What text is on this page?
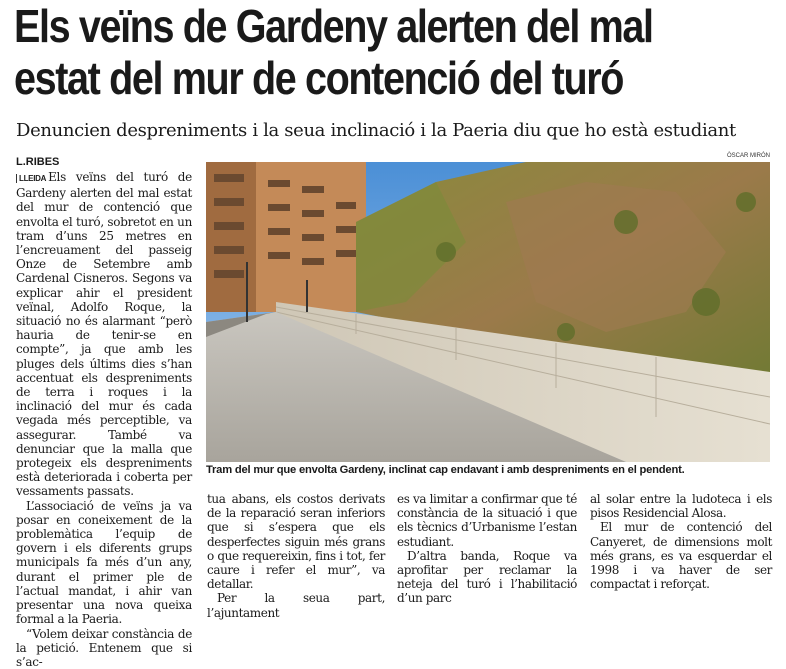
Els veïns de Gardeny alerten del mal
estat del mur de contenció del turó
Denuncien despreniments i la seua inclinació i la Paeria diu que ho està estudiant
L.RIBES

LLEIDA Els veïns del turó de Gardeny alerten del mal estat del mur de contenció que envolta el turó, sobretot en un tram d’uns 25 metres en l’encreuament del passeig Onze de Setembre amb Cardenal Cisneros. Segons va explicar ahir el president veïnal, Adolfo Roque, la situació no és alarmant “però hauria de tenir-se en compte”, ja que amb les pluges dels últims dies s’han accentuat els despreniments de terra i roques i la inclinació del mur és cada vegada més perceptible, va assegurar. També va denunciar que la malla que protegeix els despreniments està deteriorada i coberta per vessaments passats.

L’associació de veïns ja va posar en coneixement de la problemàtica l’equip de govern i els diferents grups municipals fa més d’un any, durant el primer ple de l’actual mandat, i ahir van presentar una nova queixa formal a la Paeria.

“Volem deixar constància de la petició. Entenem que si s’ac-

ÒSCAR MIRÓN
Tram del mur que envolta Gardeny, inclinat cap endavant i amb despreniments en el pendent.

tua abans, els costos derivats de la reparació seran inferiors que si s’espera que els desperfectes siguin més grans o que requereixin, fins i tot, fer caure i refer el mur”, va detallar.

Per la seua part, l’ajuntament

es va limitar a confirmar que té constància de la situació i que els tècnics d’Urbanisme l’estan estudiant.

D’altra banda, Roque va aprofitar per reclamar la neteja del turó i l’habilitació d’un parc

al solar entre la ludoteca i els pisos Residencial Alosa.

El mur de contenció del Canyeret, de dimensions molt més grans, es va esquerdar el 1998 i va haver de ser compactat i reforçat.
